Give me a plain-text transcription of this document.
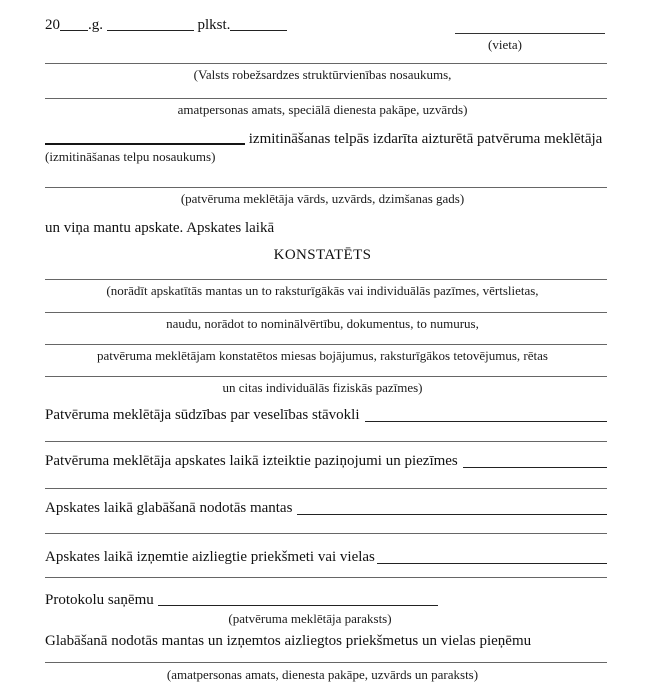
20 .g.	plkst.
(vieta)
(Valsts robežsardzes struktūrvienības nosaukums,
amatpersonas amats, speciālā dienesta pakāpe, uzvārds)
izmitināšanas telpās izdarīta aizturētā patvēruma meklētāja
(izmitināšanas telpu nosaukums)
(patvēruma meklētāja vārds, uzvārds, dzimšanas gads)
un viņa mantu apskate. Apskates laikā
KONSTATĒTS
(norādīt apskatītās mantas un to raksturīgākās vai individuālās pazīmes, vērtslietas,
naudu, norādot to nominālvērtību, dokumentus, to numurus,
patvēruma meklētājam konstatētos miesas bojājumus, raksturīgākos tetovējumus, rētas
un citas individuālās fiziskās pazīmes)
Patvēruma meklētāja sūdzības par veselības stāvokli
Patvēruma meklētāja apskates laikā izteiktie paziņojumi un piezīmes
Apskates laikā glabāšanā nodotās mantas
Apskates laikā izņemtie aizliegtie priekšmeti vai vielas
Protokolu saņēmu
(patvēruma meklētāja paraksts)
Glabāšanā nodotās mantas un izņemtos aizliegtos priekšmetus un vielas pieņēmu
(amatpersonas amats, dienesta pakāpe, uzvārds un paraksts)
